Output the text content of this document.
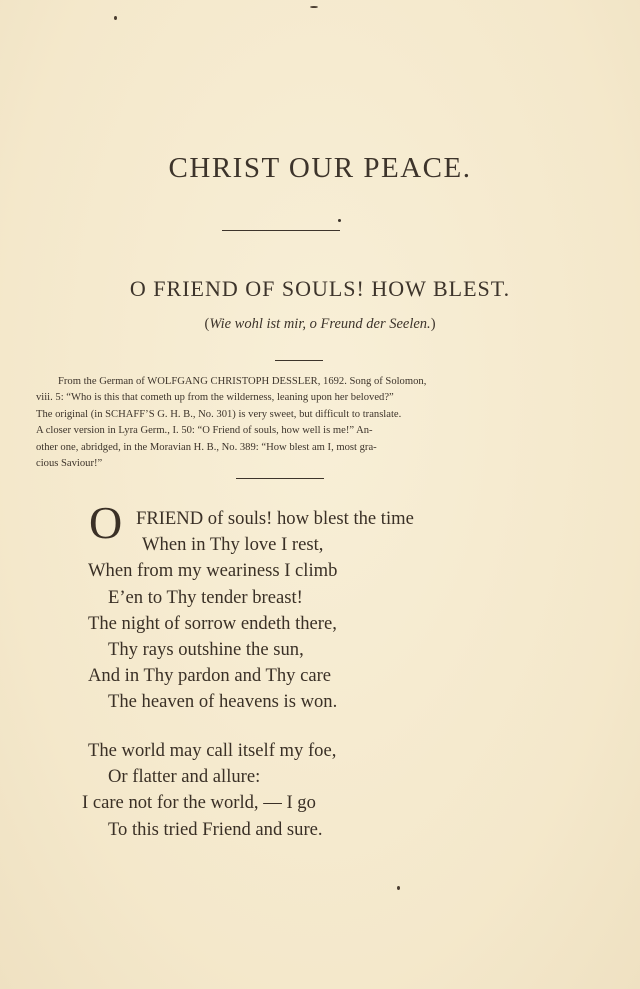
CHRIST OUR PEACE.
O FRIEND OF SOULS! HOW BLEST.
(Wie wohl ist mir, o Freund der Seelen.)
From the German of WOLFGANG CHRISTOPH DESSLER, 1692. Song of Solomon,
viii. 5: “Who is this that cometh up from the wilderness, leaning upon her beloved?”
The original (in SCHAFF’S G. H. B., No. 301) is very sweet, but difficult to translate.
A closer version in Lyra Germ., I. 50: “O Friend of souls, how well is me!” An-
other one, abridged, in the Moravian H. B., No. 389: “How blest am I, most gra-
cious Saviour!”
O FRIEND of souls! how blest the time
When in Thy love I rest,
When from my weariness I climb
E’en to Thy tender breast!
The night of sorrow endeth there,
Thy rays outshine the sun,
And in Thy pardon and Thy care
The heaven of heavens is won.
The world may call itself my foe,
Or flatter and allure:
I care not for the world, — I go
To this tried Friend and sure.
